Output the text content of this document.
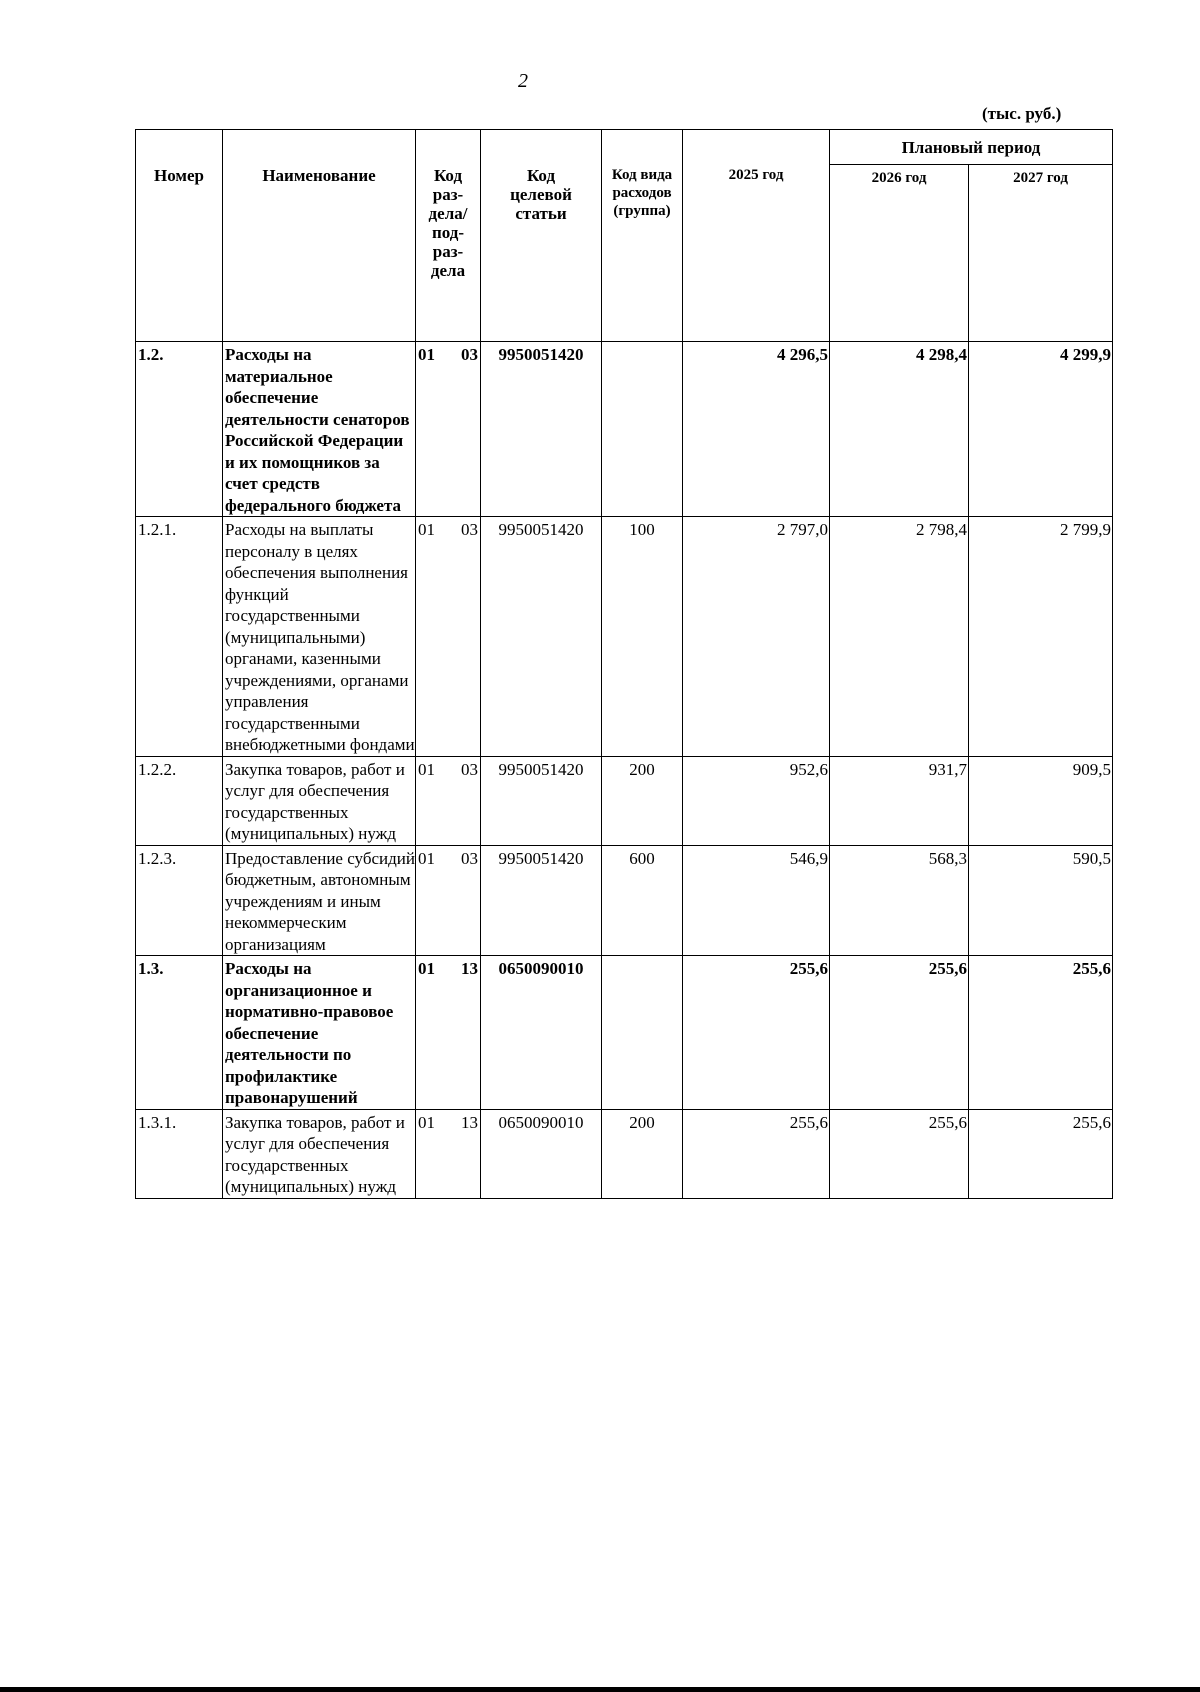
2
(тыс. руб.)
Номер	Наименование	Код раз-дела/ под-раз-дела	Код целевой статьи	Код вида расходов (группа)	2025 год	Плановый период	
						2026 год	2027 год
1.2.	Расходы на материальное обеспечение деятельности сенаторов Российской Федерации и их помощников за счет средств федерального бюджета	01 03	9950051420		4 296,5	4 298,4	4 299,9
1.2.1.	Расходы на выплаты персоналу в целях обеспечения выполнения функций государственными (муниципальными) органами, казенными учреждениями, органами управления государственными внебюджетными фондами	01 03	9950051420	100	2 797,0	2 798,4	2 799,9
1.2.2.	Закупка товаров, работ и услуг для обеспечения государственных (муниципальных) нужд	01 03	9950051420	200	952,6	931,7	909,5
1.2.3.	Предоставление субсидий бюджетным, автономным учреждениям и иным некоммерческим организациям	01 03	9950051420	600	546,9	568,3	590,5
1.3.	Расходы на организационное и нормативно-правовое обеспечение деятельности по профилактике правонарушений	01 13	0650090010		255,6	255,6	255,6
1.3.1.	Закупка товаров, работ и услуг для обеспечения государственных (муниципальных) нужд	01 13	0650090010	200	255,6	255,6	255,6
